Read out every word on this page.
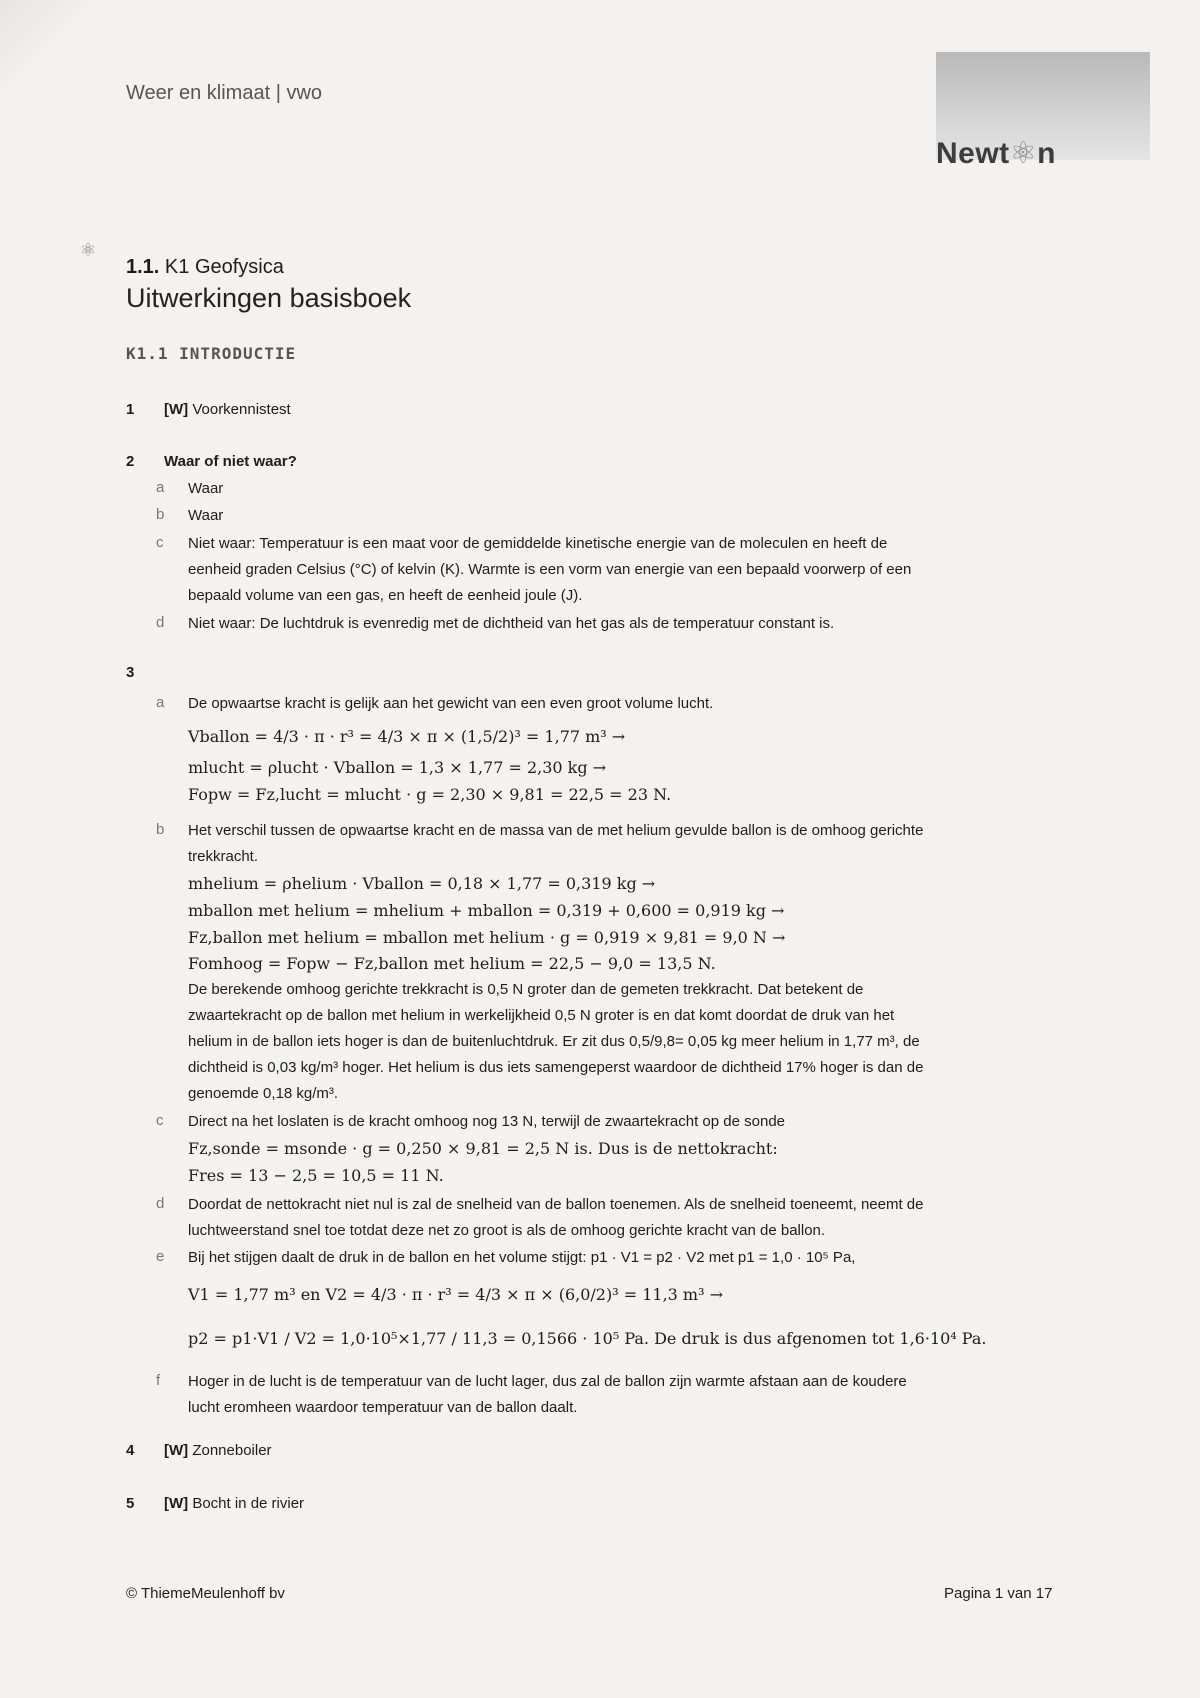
Weer en klimaat | vwo
Newt⚛n
⚛
1.1. K1 Geofysica
Uitwerkingen basisboek
K1.1 INTRODUCTIE
1 [W] Voorkennistest
2 Waar of niet waar?
a Waar
b Waar
c Niet waar: Temperatuur is een maat voor de gemiddelde kinetische energie van de moleculen en heeft de
eenheid graden Celsius (°C) of kelvin (K). Warmte is een vorm van energie van een bepaald voorwerp of een
bepaald volume van een gas, en heeft de eenheid joule (J).
d Niet waar: De luchtdruk is evenredig met de dichtheid van het gas als de temperatuur constant is.
3
a De opwaartse kracht is gelijk aan het gewicht van een even groot volume lucht.
Vballon = 4/3 · π · r³ = 4/3 × π × (1,5/2)³ = 1,77 m³ →
mlucht = ρlucht · Vballon = 1,3 × 1,77 = 2,30 kg →
Fopw = Fz,lucht = mlucht · g = 2,30 × 9,81 = 22,5 = 23 N.
b Het verschil tussen de opwaartse kracht en de massa van de met helium gevulde ballon is de omhoog gerichte
trekkracht.
mhelium = ρhelium · Vballon = 0,18 × 1,77 = 0,319 kg →
mballon met helium = mhelium + mballon = 0,319 + 0,600 = 0,919 kg →
Fz,ballon met helium = mballon met helium · g = 0,919 × 9,81 = 9,0 N →
Fomhoog = Fopw − Fz,ballon met helium = 22,5 − 9,0 = 13,5 N.
De berekende omhoog gerichte trekkracht is 0,5 N groter dan de gemeten trekkracht. Dat betekent de
zwaartekracht op de ballon met helium in werkelijkheid 0,5 N groter is en dat komt doordat de druk van het
helium in de ballon iets hoger is dan de buitenluchtdruk. Er zit dus 0,5/9,8= 0,05 kg meer helium in 1,77 m³, de
dichtheid is 0,03 kg/m³ hoger. Het helium is dus iets samengeperst waardoor de dichtheid 17% hoger is dan de
genoemde 0,18 kg/m³.
c Direct na het loslaten is de kracht omhoog nog 13 N, terwijl de zwaartekracht op de sonde
Fz,sonde = msonde · g = 0,250 × 9,81 = 2,5 N is. Dus is de nettokracht:
Fres = 13 − 2,5 = 10,5 = 11 N.
d Doordat de nettokracht niet nul is zal de snelheid van de ballon toenemen. Als de snelheid toeneemt, neemt de
luchtweerstand snel toe totdat deze net zo groot is als de omhoog gerichte kracht van de ballon.
e Bij het stijgen daalt de druk in de ballon en het volume stijgt: p1 · V1 = p2 · V2 met p1 = 1,0 · 10⁵ Pa,
V1 = 1,77 m³ en V2 = 4/3 · π · r³ = 4/3 × π × (6,0/2)³ = 11,3 m³ →
p2 = p1·V1 / V2 = 1,0·10⁵×1,77 / 11,3 = 0,1566 · 10⁵ Pa. De druk is dus afgenomen tot 1,6·10⁴ Pa.
f Hoger in de lucht is de temperatuur van de lucht lager, dus zal de ballon zijn warmte afstaan aan de koudere
lucht eromheen waardoor temperatuur van de ballon daalt.
4 [W] Zonneboiler
5 [W] Bocht in de rivier
© ThiemeMeulenhoff bv	Pagina 1 van 17
